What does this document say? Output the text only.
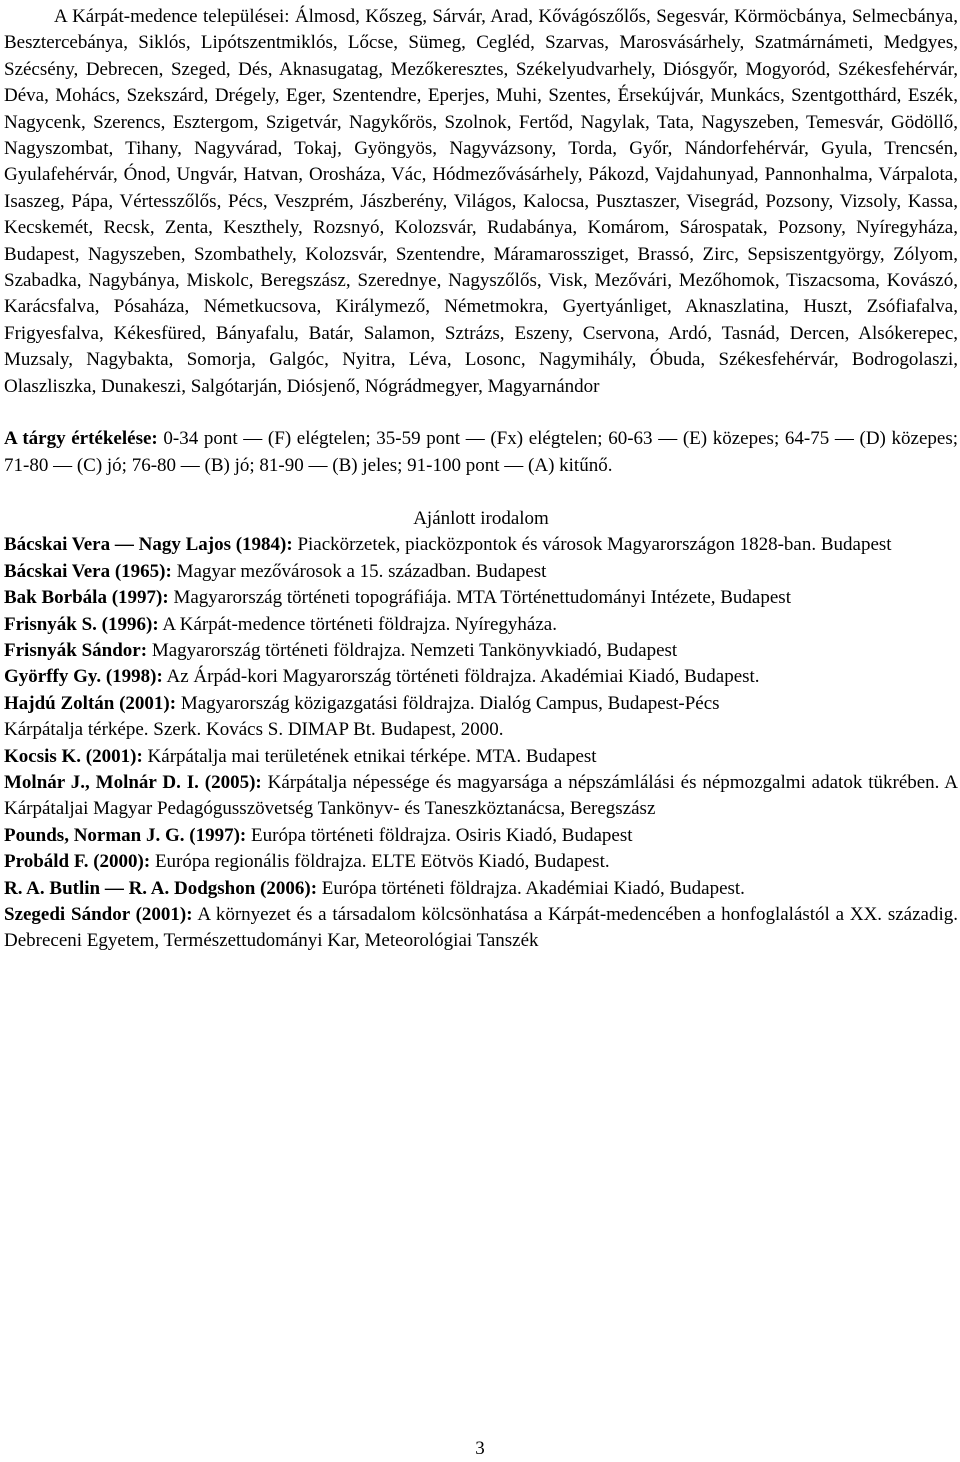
A Kárpát-medence települései: Álmosd, Kőszeg, Sárvár, Arad, Kővágószőlős, Segesvár, Körmöcbánya, Selmecbánya, Besztercebánya, Siklós, Lipótszentmiklós, Lőcse, Sümeg, Cegléd, Szarvas, Marosvásárhely, Szatmárnámeti, Medgyes, Szécsény, Debrecen, Szeged, Dés, Aknasugatag, Mezőkeresztes, Székelyudvarhely, Diósgyőr, Mogyoród, Székesfehérvár, Déva, Mohács, Szekszárd, Drégely, Eger, Szentendre, Eperjes, Muhi, Szentes, Érsekújvár, Munkács, Szentgotthárd, Eszék, Nagycenk, Szerencs, Esztergom, Szigetvár, Nagykőrös, Szolnok, Fertőd, Nagylak, Tata, Nagyszeben, Temesvár, Gödöllő, Nagyszombat, Tihany, Nagyvárad, Tokaj, Gyöngyös, Nagyvázsony, Torda, Győr, Nándorfehérvár, Gyula, Trencsén, Gyulafehérvár, Ónod, Ungvár, Hatvan, Orosháza, Vác, Hódmezővásárhely, Pákozd, Vajdahunyad, Pannonhalma, Várpalota, Isaszeg, Pápa, Vértesszőlős, Pécs, Veszprém, Jászberény, Világos, Kalocsa, Pusztaszer, Visegrád, Pozsony, Vizsoly, Kassa, Kecskemét, Recsk, Zenta, Keszthely, Rozsnyó, Kolozsvár, Rudabánya, Komárom, Sárospatak, Pozsony, Nyíregyháza, Budapest, Nagyszeben, Szombathely, Kolozsvár, Szentendre, Máramarossziget, Brassó, Zirc, Sepsiszentgyörgy, Zólyom, Szabadka, Nagybánya, Miskolc, Beregszász, Szerednye, Nagyszőlős, Visk, Mezővári, Mezőhomok, Tiszacsoma, Kovászó, Karácsfalva, Pósaháza, Németkucsova, Királymező, Németmokra, Gyertyánliget, Aknaszlatina, Huszt, Zsófiafalva, Frigyesfalva, Kékesfüred, Bányafalu, Batár, Salamon, Sztrázs, Eszeny, Cservona, Ardó, Tasnád, Dercen, Alsókerepec, Muzsaly, Nagybakta, Somorja, Galgóc, Nyitra, Léva, Losonc, Nagymihály, Óbuda, Székesfehérvár, Bodrogolaszi, Olaszliszka, Dunakeszi, Salgótarján, Diósjenő, Nógrádmegyer, Magyarnándor

A tárgy értékelése: 0-34 pont — (F) elégtelen; 35-59 pont — (Fx) elégtelen; 60-63 — (E) közepes; 64-75 — (D) közepes; 71-80 — (C) jó; 76-80 — (B) jó; 81-90 — (B) jeles; 91-100 pont — (A) kitűnő.

Ajánlott irodalom

Bácskai Vera — Nagy Lajos (1984): Piackörzetek, piacközpontok és városok Magyarországon 1828-ban. Budapest

Bácskai Vera (1965): Magyar mezővárosok a 15. században. Budapest

Bak Borbála (1997): Magyarország történeti topográfiája. MTA Történettudományi Intézete, Budapest

Frisnyák S. (1996): A Kárpát-medence történeti földrajza. Nyíregyháza.

Frisnyák Sándor: Magyarország történeti földrajza. Nemzeti Tankönyvkiadó, Budapest

Györffy Gy. (1998): Az Árpád-kori Magyarország történeti földrajza. Akadémiai Kiadó, Budapest.

Hajdú Zoltán (2001): Magyarország közigazgatási földrajza. Dialóg Campus, Budapest-Pécs

Kárpátalja térképe. Szerk. Kovács S. DIMAP Bt. Budapest, 2000.

Kocsis K. (2001): Kárpátalja mai területének etnikai térképe. MTA. Budapest

Molnár J., Molnár D. I. (2005): Kárpátalja népessége és magyarsága a népszámlálási és népmozgalmi adatok tükrében. A Kárpátaljai Magyar Pedagógusszövetség Tankönyv- és Taneszköztanácsa, Beregszász

Pounds, Norman J. G. (1997): Európa történeti földrajza. Osiris Kiadó, Budapest

Probáld F. (2000): Európa regionális földrajza. ELTE Eötvös Kiadó, Budapest.

R. A. Butlin — R. A. Dodgshon (2006): Európa történeti földrajza. Akadémiai Kiadó, Budapest.

Szegedi Sándor (2001): A környezet és a társadalom kölcsönhatása a Kárpát-medencében a honfoglalástól a XX. századig. Debreceni Egyetem, Természettudományi Kar, Meteorológiai Tanszék

3
